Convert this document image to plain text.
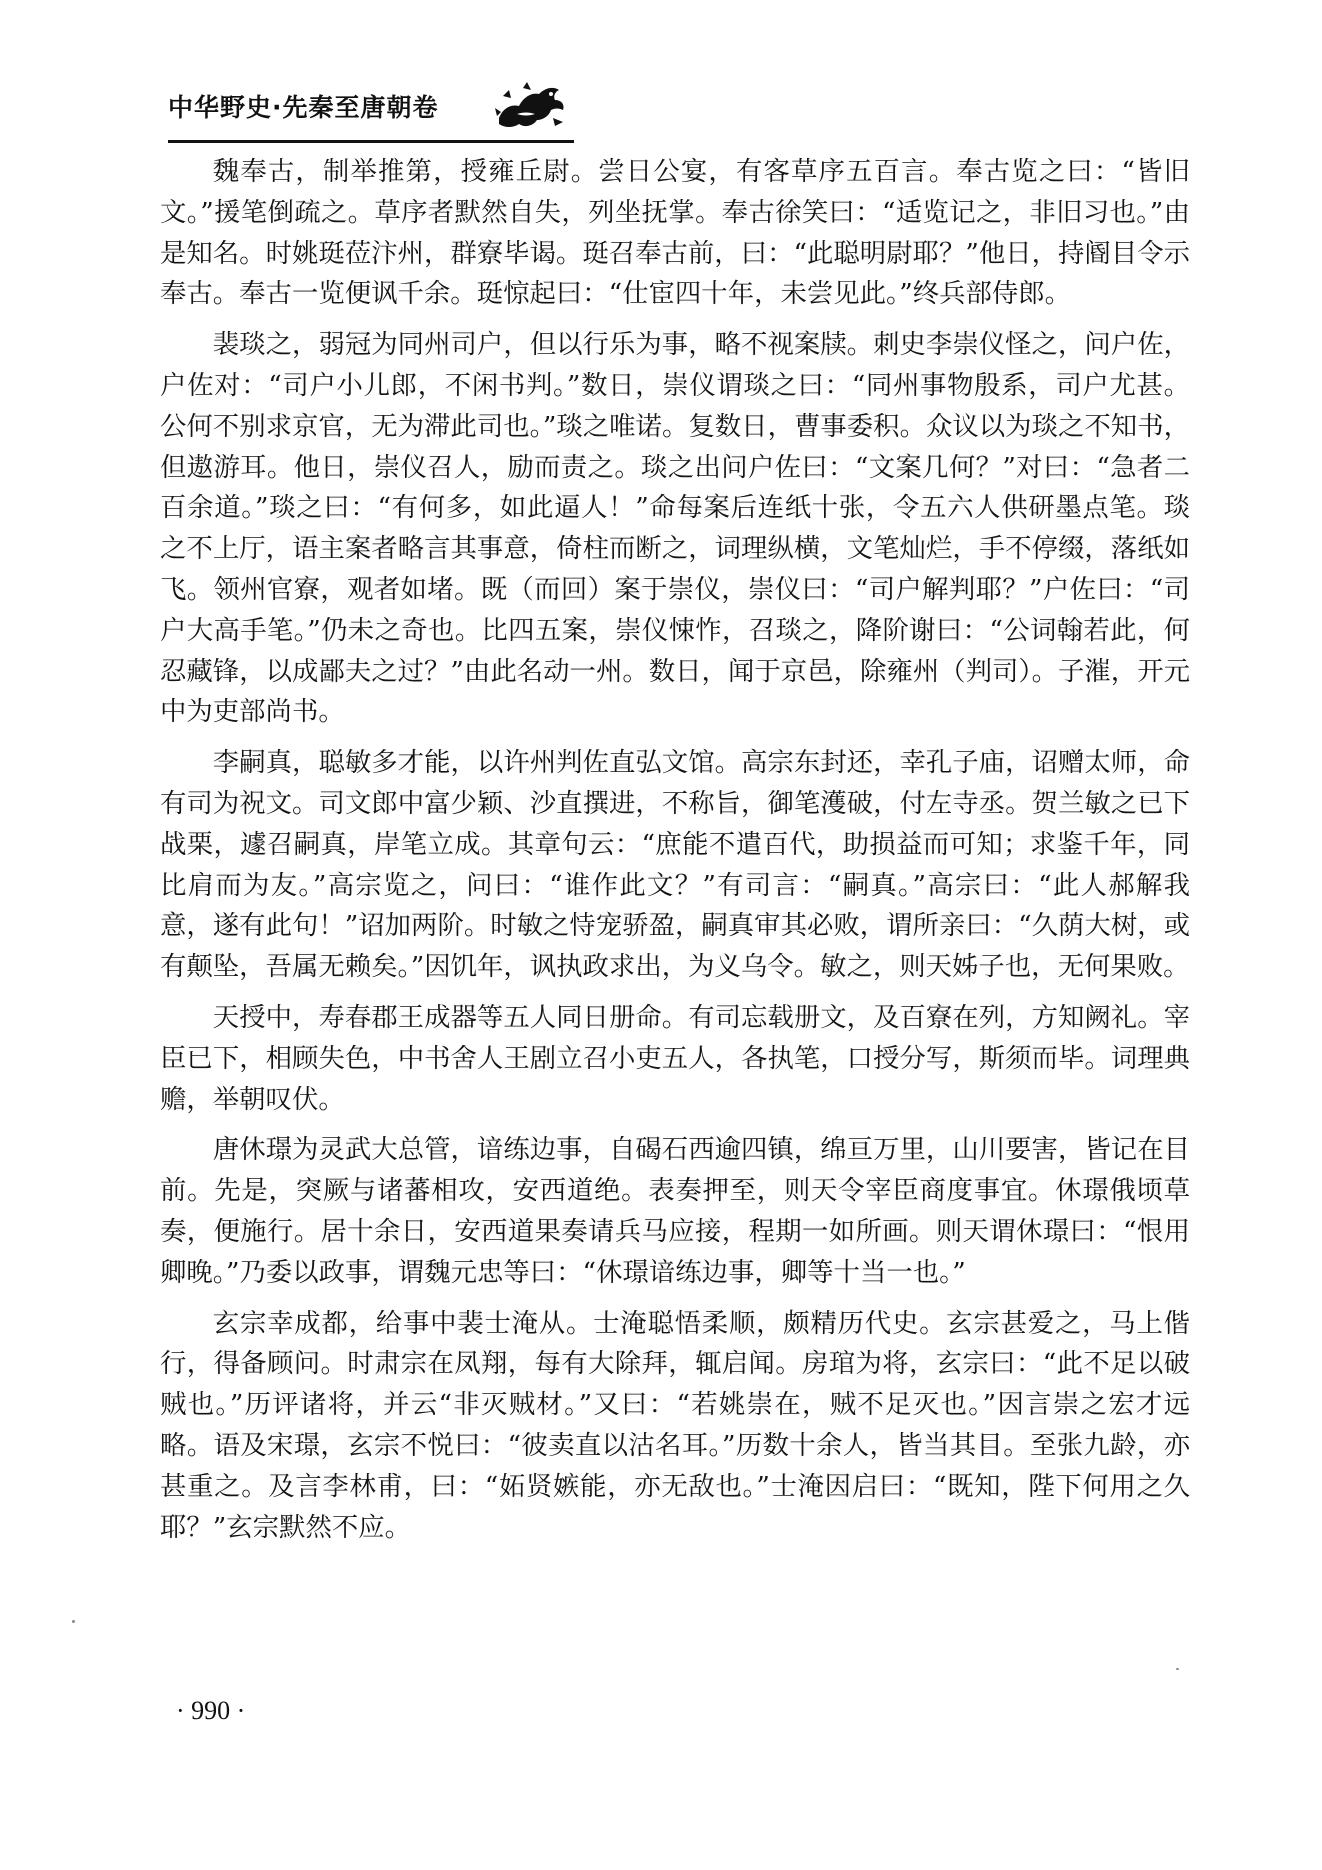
中华野史·先秦至唐朝卷

魏奉古，制举推第，授雍丘尉。尝日公宴，有客草序五百言。奉古览之曰：“皆旧文。”援笔倒疏之。草序者默然自失，列坐抚掌。奉古徐笑曰：“适览记之，非旧习也。”由是知名。时姚珽莅汴州，群寮毕谒。珽召奉古前，曰：“此聪明尉耶？”他日，持阍目令示奉古。奉古一览便讽千余。珽惊起曰：“仕宦四十年，未尝见此。”终兵部侍郎。

裴琰之，弱冠为同州司户，但以行乐为事，略不视案牍。刺史李崇仪怪之，问户佐，户佐对：“司户小儿郎，不闲书判。”数日，崇仪谓琰之曰：“同州事物殷系，司户尤甚。公何不别求京官，无为滞此司也。”琰之唯诺。复数日，曹事委积。众议以为琰之不知书，但遨游耳。他日，崇仪召人，励而责之。琰之出问户佐曰：“文案几何？”对曰：“急者二百余道。”琰之曰：“有何多，如此逼人！”命每案后连纸十张，令五六人供研墨点笔。琰之不上厅，语主案者略言其事意，倚柱而断之，词理纵横，文笔灿烂，手不停缀，落纸如飞。领州官寮，观者如堵。既（而回）案于崇仪，崇仪曰：“司户解判耶？”户佐曰：“司户大高手笔。”仍未之奇也。比四五案，崇仪悚怍，召琰之，降阶谢曰：“公词翰若此，何忍藏锋，以成鄙夫之过？”由此名动一州。数日，闻于京邑，除雍州（判司）。子漼，开元中为吏部尚书。

李嗣真，聪敏多才能，以许州判佐直弘文馆。高宗东封还，幸孔子庙，诏赠太师，命有司为祝文。司文郎中富少颖、沙直撰进，不称旨，御笔濩破，付左寺丞。贺兰敏之已下战栗，遽召嗣真，岸笔立成。其章句云：“庶能不遣百代，助损益而可知；求鉴千年，同比肩而为友。”高宗览之，问曰：“谁作此文？”有司言：“嗣真。”高宗曰：“此人郝解我意，遂有此句！”诏加两阶。时敏之恃宠骄盈，嗣真审其必败，谓所亲曰：“久荫大树，或有颠坠，吾属无赖矣。”因饥年，讽执政求出，为义乌令。敏之，则天姊子也，无何果败。

天授中，寿春郡王成器等五人同日册命。有司忘载册文，及百寮在列，方知阙礼。宰臣已下，相顾失色，中书舍人王剧立召小吏五人，各执笔，口授分写，斯须而毕。词理典赡，举朝叹伏。

唐休璟为灵武大总管，谙练边事，自碣石西逾四镇，绵亘万里，山川要害，皆记在目前。先是，突厥与诸蕃相攻，安西道绝。表奏押至，则天令宰臣商度事宜。休璟俄顷草奏，便施行。居十余日，安西道果奏请兵马应接，程期一如所画。则天谓休璟曰：“恨用卿晚。”乃委以政事，谓魏元忠等曰：“休璟谙练边事，卿等十当一也。”

玄宗幸成都，给事中裴士淹从。士淹聪悟柔顺，颇精历代史。玄宗甚爱之，马上偕行，得备顾问。时肃宗在凤翔，每有大除拜，辄启闻。房琯为将，玄宗曰：“此不足以破贼也。”历评诸将，并云“非灭贼材。”又曰：“若姚崇在，贼不足灭也。”因言崇之宏才远略。语及宋璟，玄宗不悦曰：“彼卖直以沽名耳。”历数十余人，皆当其目。至张九龄，亦甚重之。及言李林甫，曰：“妬贤嫉能，亦无敌也。”士淹因启曰：“既知，陛下何用之久耶？”玄宗默然不应。

· 990 ·
